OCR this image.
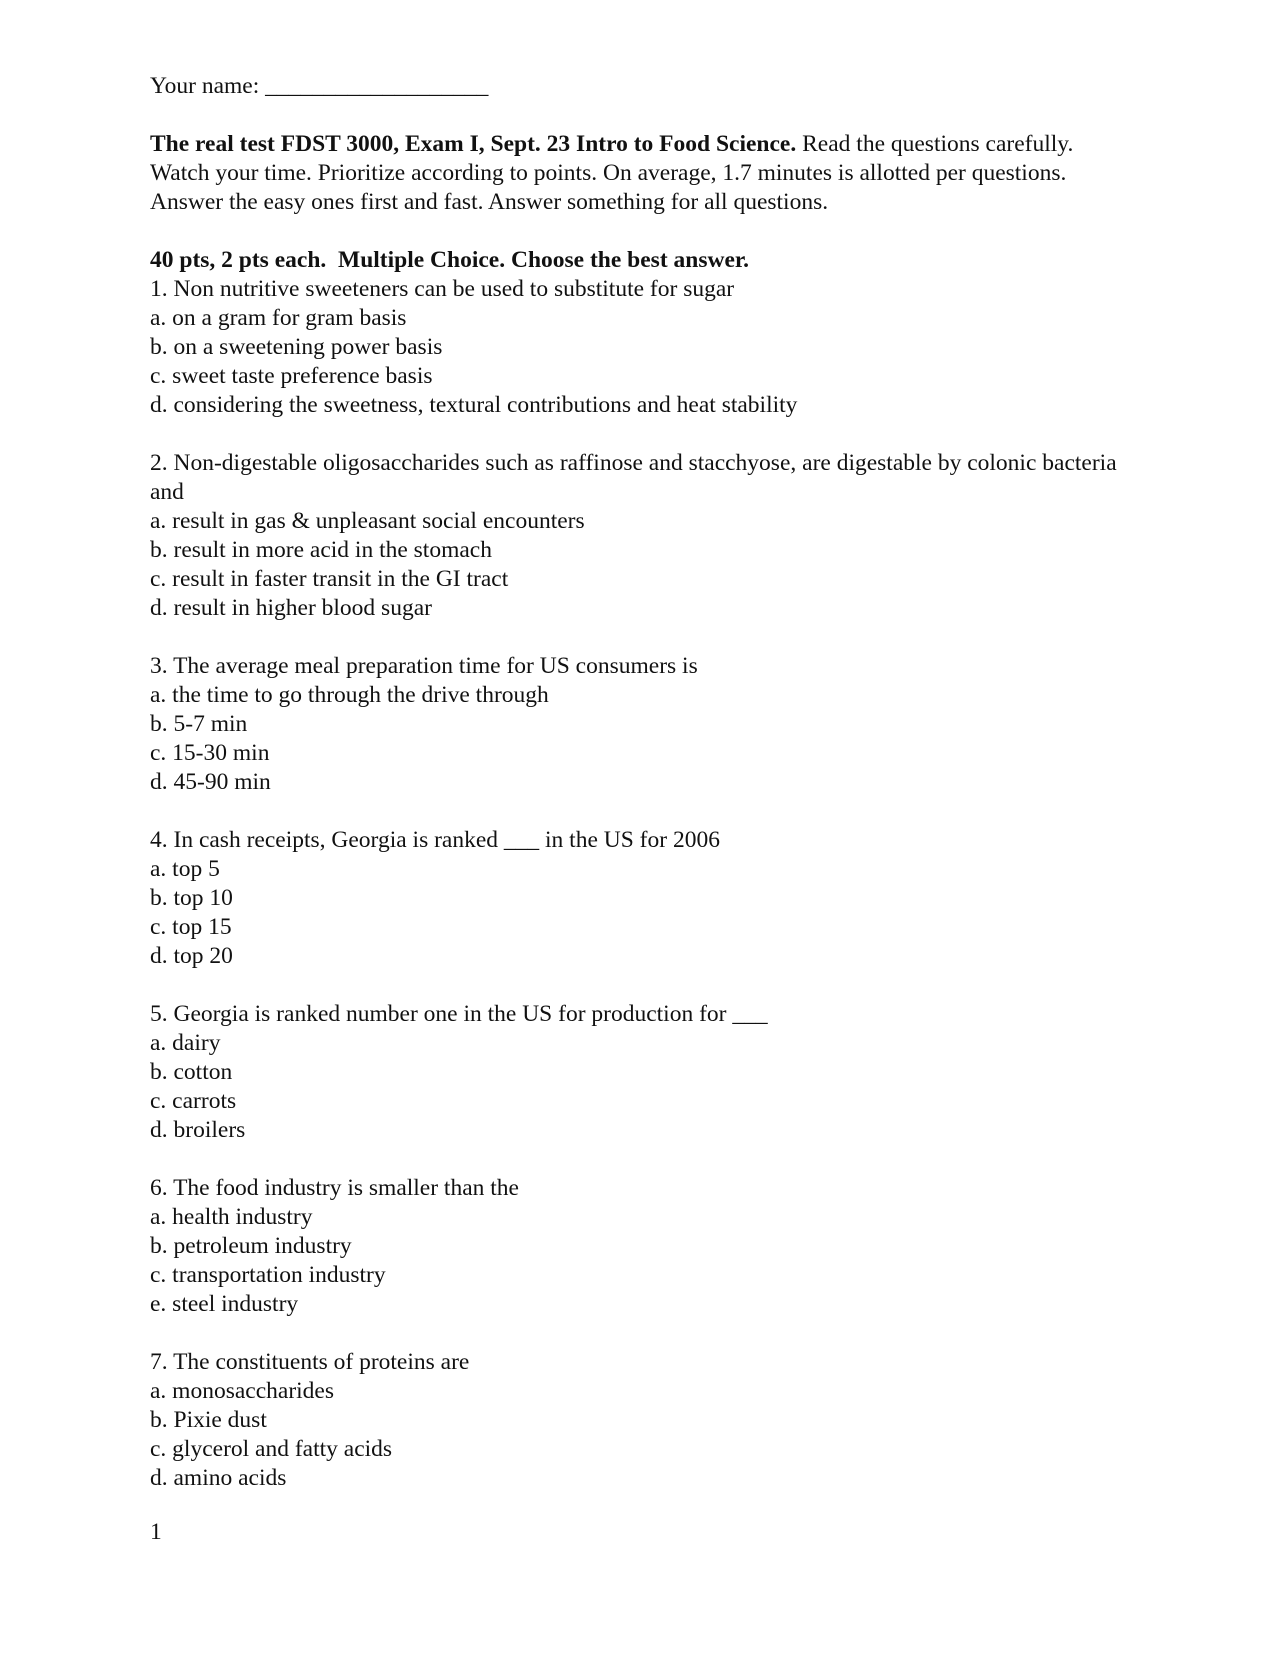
Your name: ___________________

The real test FDST 3000, Exam I, Sept. 23 Intro to Food Science. Read the questions carefully. Watch your time. Prioritize according to points. On average, 1.7 minutes is allotted per questions. Answer the easy ones first and fast. Answer something for all questions.

40 pts, 2 pts each.  Multiple Choice. Choose the best answer.

1. Non nutritive sweeteners can be used to substitute for sugar

a. on a gram for gram basis
b. on a sweetening power basis
c. sweet taste preference basis
d. considering the sweetness, textural contributions and heat stability

2. Non-digestable oligosaccharides such as raffinose and stacchyose, are digestable by colonic bacteria and

a. result in gas & unpleasant social encounters
b. result in more acid in the stomach
c. result in faster transit in the GI tract
d. result in higher blood sugar

3. The average meal preparation time for US consumers is

a. the time to go through the drive through
b. 5-7 min
c. 15-30 min
d. 45-90 min

4. In cash receipts, Georgia is ranked ___ in the US for 2006

a. top 5
b. top 10
c. top 15
d. top 20

5. Georgia is ranked number one in the US for production for ___

a. dairy
b. cotton
c. carrots
d. broilers

6. The food industry is smaller than the

a. health industry
b. petroleum industry
c. transportation industry
e. steel industry

7. The constituents of proteins are

a. monosaccharides
b. Pixie dust
c. glycerol and fatty acids
d. amino acids
1
